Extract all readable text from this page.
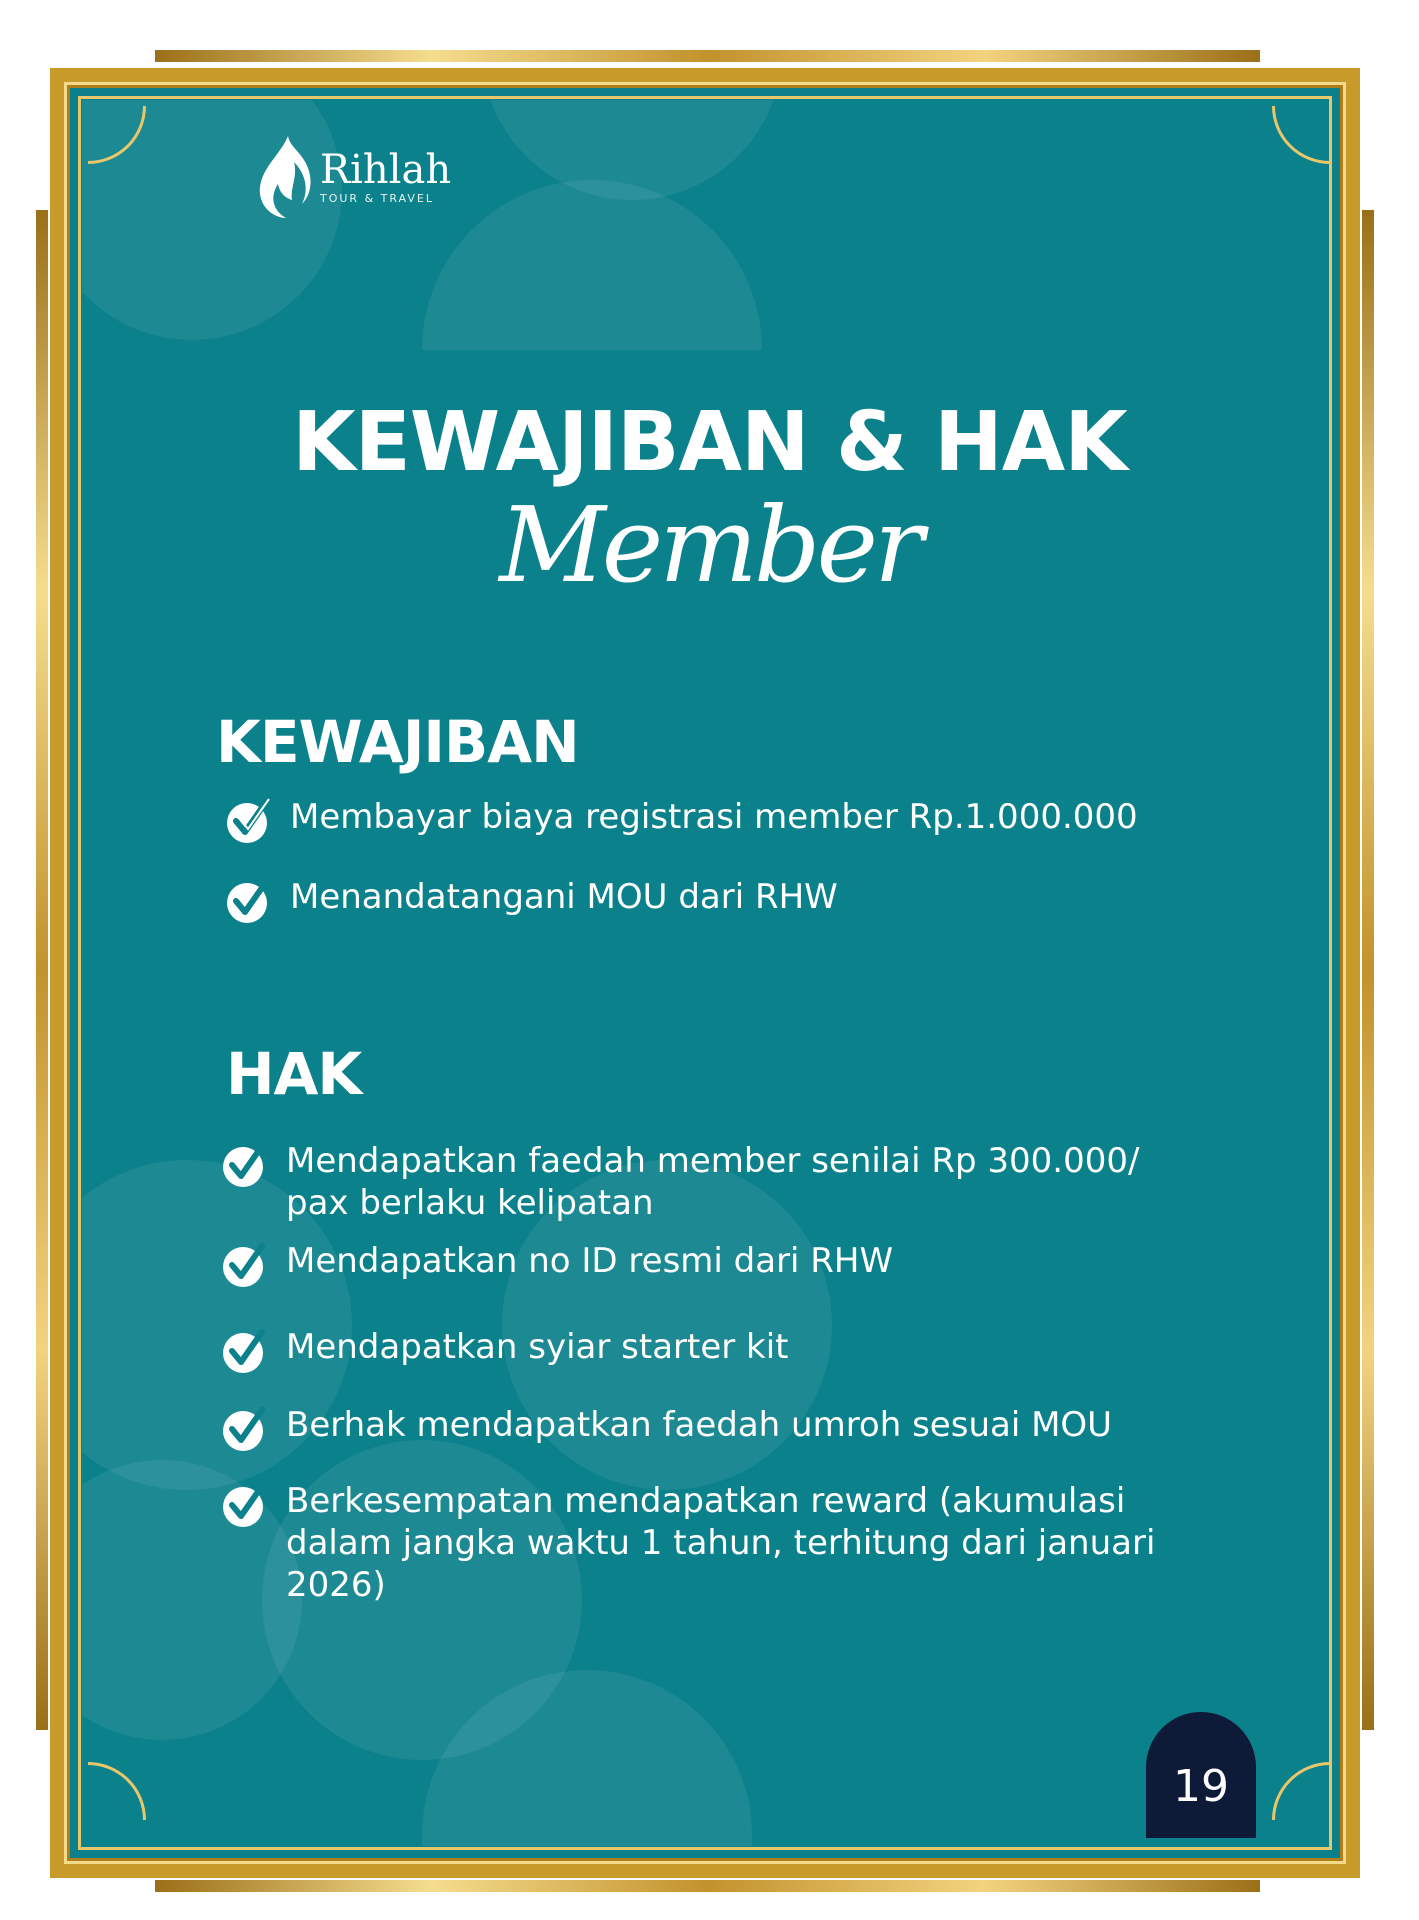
Rihlah
TOUR & TRAVEL
KEWAJIBAN & HAK
Member
KEWAJIBAN
Membayar biaya registrasi member Rp.1.000.000
Menandatangani MOU dari RHW
HAK
Mendapatkan faedah member senilai Rp 300.000/ pax berlaku kelipatan
Mendapatkan no ID resmi dari RHW
Mendapatkan syiar starter kit
Berhak mendapatkan faedah umroh sesuai MOU
Berkesempatan mendapatkan reward (akumulasi dalam jangka waktu 1 tahun, terhitung dari januari 2026)
19
